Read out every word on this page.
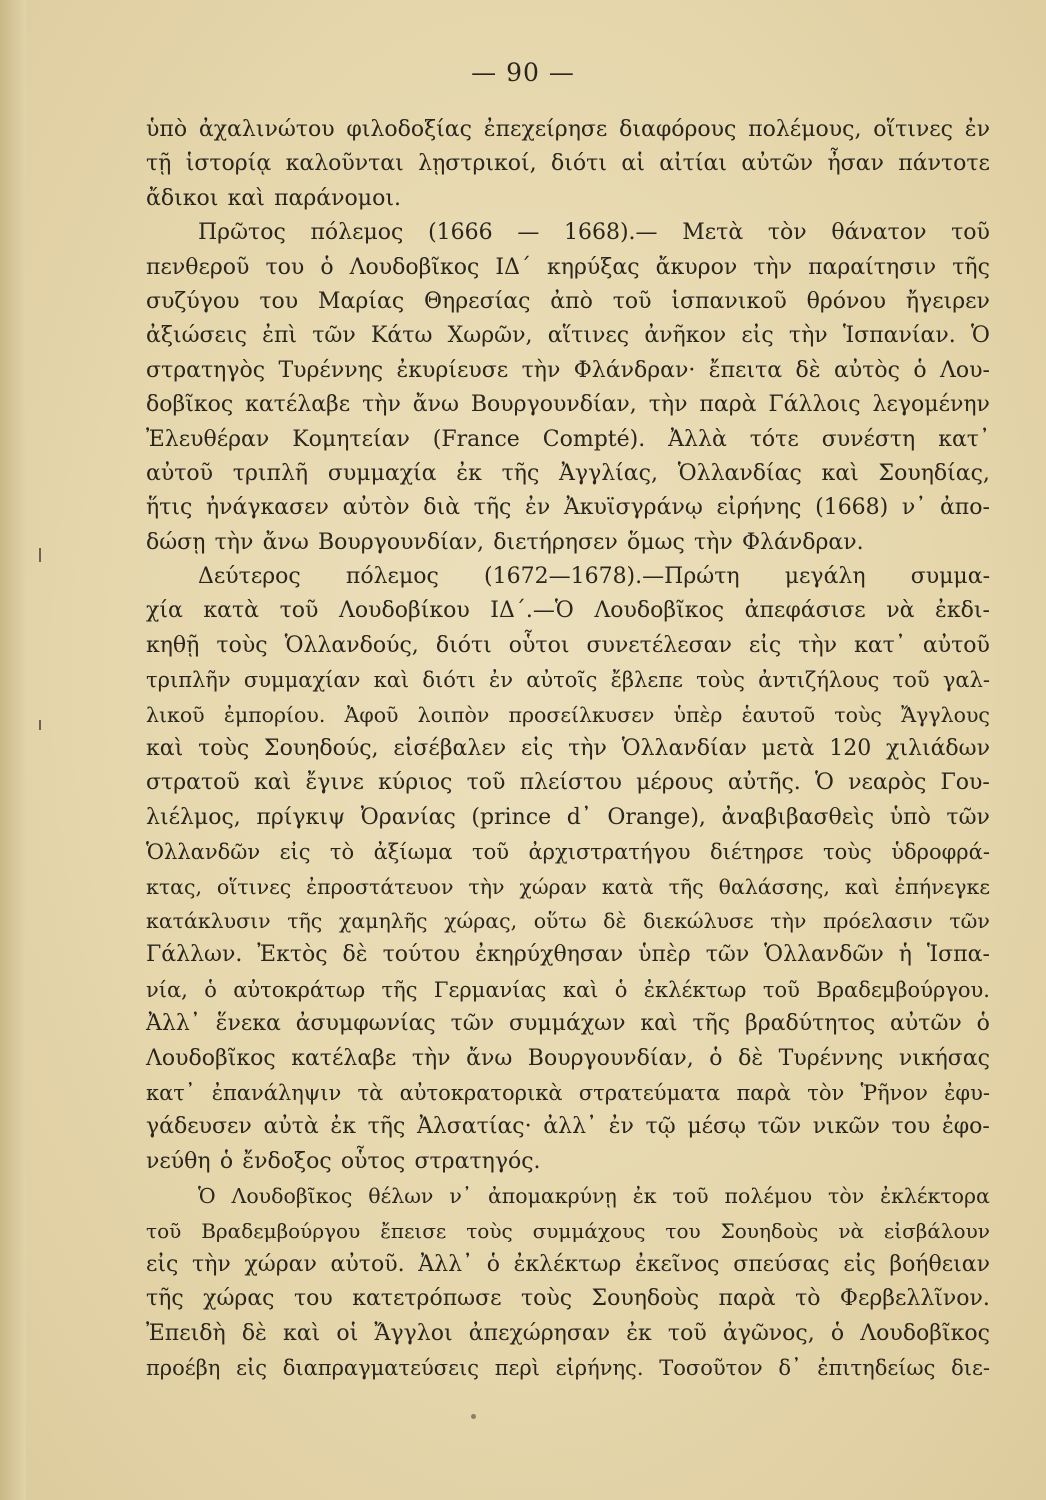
— 90 —
ὑπὸ ἀχαλινώτου φιλοδοξίας ἐπεχείρησε διαφόρους πολέμους, οἵτινες ἐν
τῇ ἱστορίᾳ καλοῦνται λῃστρικοί, διότι αἱ αἰτίαι αὐτῶν ἦσαν πάντοτε
ἄδικοι καὶ παράνομοι.
Πρῶτος πόλεμος (1666 — 1668).— Μετὰ τὸν θάνατον τοῦ
πενθεροῦ του ὁ Λουδοβῖκος ΙΔ΄ κηρύξας ἄκυρον τὴν παραίτησιν τῆς
συζύγου του Μαρίας Θηρεσίας ἀπὸ τοῦ ἱσπανικοῦ θρόνου ἤγειρεν
ἀξιώσεις ἐπὶ τῶν Κάτω Χωρῶν, αἵτινες ἀνῆκον εἰς τὴν Ἱσπανίαν. Ὁ
στρατηγὸς Τυρέννης ἐκυρίευσε τὴν Φλάνδραν· ἔπειτα δὲ αὐτὸς ὁ Λου-
δοβῖκος κατέλαβε τὴν ἄνω Βουργουνδίαν, τὴν παρὰ Γάλλοις λεγομένην
Ἐλευθέραν Κομητείαν (France Compté). Ἀλλὰ τότε συνέστη κατ᾿
αὐτοῦ τριπλῆ συμμαχία ἐκ τῆς Ἀγγλίας, Ὁλλανδίας καὶ Σουηδίας,
ἥτις ἠνάγκασεν αὐτὸν διὰ τῆς ἐν Ἀκυϊσγράνῳ εἰρήνης (1668) ν᾿ ἀπο-
δώσῃ τὴν ἄνω Βουργουνδίαν, διετήρησεν ὅμως τὴν Φλάνδραν.
Δεύτερος πόλεμος (1672—1678).—Πρώτη μεγάλη συμμα-
χία κατὰ τοῦ Λουδοβίκου ΙΔ΄.—Ὁ Λουδοβῖκος ἀπεφάσισε νὰ ἐκδι-
κηθῇ τοὺς Ὁλλανδούς, διότι οὗτοι συνετέλεσαν εἰς τὴν κατ᾿ αὐτοῦ
τριπλῆν συμμαχίαν καὶ διότι ἐν αὐτοῖς ἔβλεπε τοὺς ἀντιζήλους τοῦ γαλ-
λικοῦ ἐμπορίου. Ἀφοῦ λοιπὸν προσείλκυσεν ὑπὲρ ἑαυτοῦ τοὺς Ἄγγλους
καὶ τοὺς Σουηδούς, εἰσέβαλεν εἰς τὴν Ὁλλανδίαν μετὰ 120 χιλιάδων
στρατοῦ καὶ ἔγινε κύριος τοῦ πλείστου μέρους αὐτῆς. Ὁ νεαρὸς Γου-
λιέλμος, πρίγκιψ Ὀρανίας (prince d᾿ Orange), ἀναβιβασθεὶς ὑπὸ τῶν
Ὁλλανδῶν εἰς τὸ ἀξίωμα τοῦ ἀρχιστρατήγου διέτηρσε τοὺς ὑδροφρά-
κτας, οἵτινες ἐπροστάτευον τὴν χώραν κατὰ τῆς θαλάσσης, καὶ ἐπήνεγκε
κατάκλυσιν τῆς χαμηλῆς χώρας, οὕτω δὲ διεκώλυσε τὴν πρόελασιν τῶν
Γάλλων. Ἐκτὸς δὲ τούτου ἐκηρύχθησαν ὑπὲρ τῶν Ὁλλανδῶν ἡ Ἱσπα-
νία, ὁ αὐτοκράτωρ τῆς Γερμανίας καὶ ὁ ἐκλέκτωρ τοῦ Βραδεμβούργου.
Ἀλλ᾿ ἕνεκα ἀσυμφωνίας τῶν συμμάχων καὶ τῆς βραδύτητος αὐτῶν ὁ
Λουδοβῖκος κατέλαβε τὴν ἄνω Βουργουνδίαν, ὁ δὲ Τυρέννης νικήσας
κατ᾿ ἐπανάληψιν τὰ αὐτοκρατορικὰ στρατεύματα παρὰ τὸν Ῥῆνον ἐφυ-
γάδευσεν αὐτὰ ἐκ τῆς Ἀλσατίας· ἀλλ᾿ ἐν τῷ μέσῳ τῶν νικῶν του ἐφο-
νεύθη ὁ ἔνδοξος οὗτος στρατηγός.
Ὁ Λουδοβῖκος θέλων ν᾿ ἀπομακρύνῃ ἐκ τοῦ πολέμου τὸν ἐκλέκτορα
τοῦ Βραδεμβούργου ἔπεισε τοὺς συμμάχους του Σουηδοὺς νὰ εἰσβάλουν
εἰς τὴν χώραν αὐτοῦ. Ἀλλ᾿ ὁ ἐκλέκτωρ ἐκεῖνος σπεύσας εἰς βοήθειαν
τῆς χώρας του κατετρόπωσε τοὺς Σουηδοὺς παρὰ τὸ Φερβελλῖνον.
Ἐπειδὴ δὲ καὶ οἱ Ἄγγλοι ἀπεχώρησαν ἐκ τοῦ ἀγῶνος, ὁ Λουδοβῖκος
προέβη εἰς διαπραγματεύσεις περὶ εἰρήνης. Τοσοῦτον δ᾿ ἐπιτηδείως διε-
